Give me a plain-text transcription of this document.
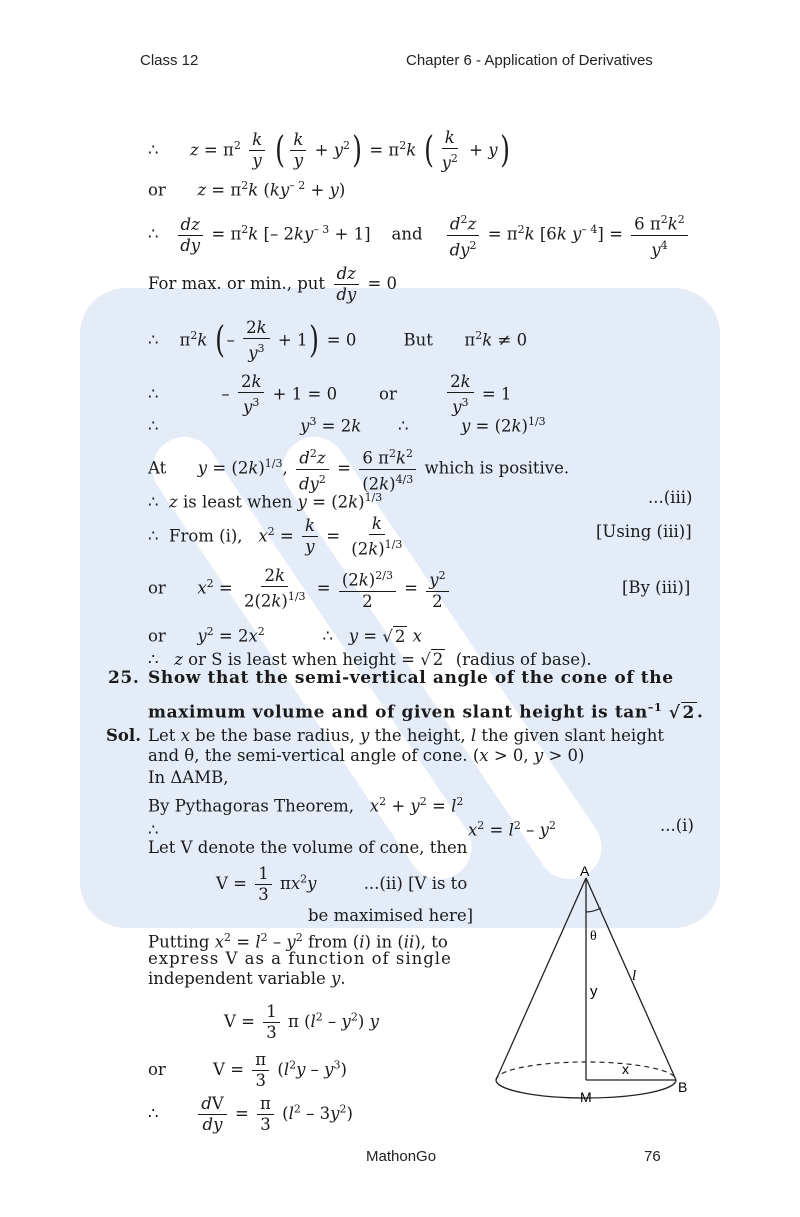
Class 12	Chapter 6 - Application of Derivatives
∴      $z = \pi^2 \frac{k}{y}$ ( $\frac{k}{y} + y^2) = \pi^2k$ ( $\frac{k}{y^2} + y$)
or $z = \pi^2k$ $(ky^{- 2} + y)$
∴ $\frac{dz}{dy} = \pi^2k$ [– $2ky^{- 3} + 1$]    and $\frac{d^2z}{dy^2} = \pi^2k$ [6k $y^{- 4}] = \frac{6 \pi^2k^2}{y^4}$
For max. or min., put $\frac{dz}{dy} = 0$
∴    $\pi^2k$ ( – $\frac{2k}{y^3} + 1) = 0$         But      $\pi^2k \ne 0$
∴            – $\frac{2k}{y^3} + 1 = 0$        or	$\frac{2k}{y^3} = 1$
∴                           $y^3 = 2k$       ∴          $y = (2k)^{1/3}$
At $y = (2k)^{1/3}$, $\frac{d^2z}{dy^2} = \frac{6 \pi^2k^2}{(2k)^{4/3}}$ which is positive.
∴  z is least when $y = (2k)^{1/3}$	...(iii)
∴  From (i), $x^2 = \frac{k}{y} = \frac{k}{(2k)^{1/3}}$	[Using (iii)]
or $x^2 = \frac{2k}{2(2k)^{1/3}} = \frac{(2k)^{2/3}}{2} = \frac{y^2}{2}$	[By (iii)]
or $y^2 = 2x^2$           ∴   y = √ 2 x
∴   z or S is least when height = √ 2  (radius of base).
25. Show that the semi-vertical angle of the cone of the
maximum volume and of given slant height is $\tan^{-1}$ √ 2 .
Sol. Let x be the base radius, y the height, l the given slant height
and θ, the semi-vertical angle of cone. (x > 0, y > 0)
In ΔAMB,
By Pythagoras Theorem, $x^2 + y^2 = l^2$
∴                                                           $x^2 = l^2 - y^2$	...(i)
Let V denote the volume of cone, then
$V = \frac{1}{3} \pi x^2y$	...(ii) [V is to
be maximised here]
Putting $x^2 = l^2 - y^2$ from (i) in (ii), to
express V as a function of single
independent variable y.
$V = \frac{1}{3}$ π $(l^2 - y^2)$ y
or         $V = \frac{\pi}{3} (l^2y - y^3)$
∴ $\frac{dV}{dy} = \frac{\pi}{3} (l^2 - 3y^2)$
A
M
B
y
x
l
θ
MathonGo	76
